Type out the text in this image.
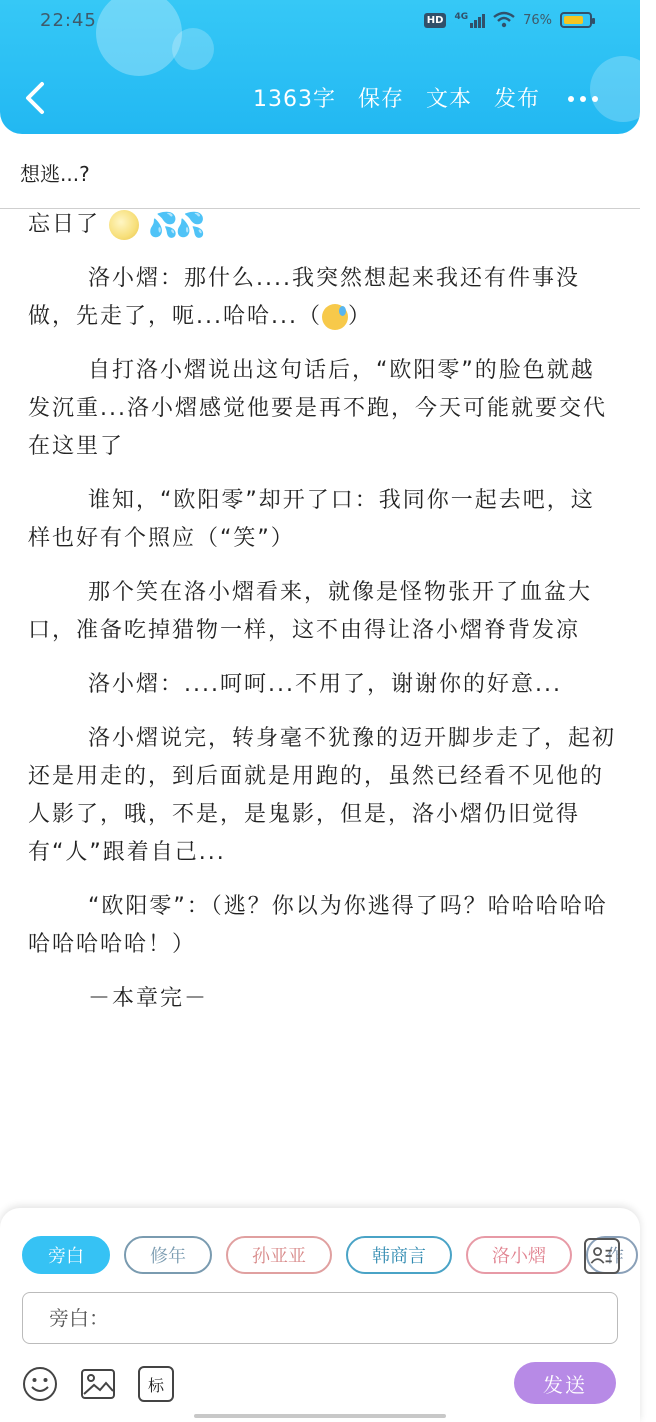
22:45	HD	4G	76%
1363字 保存 文本 发布
想逃...?

忘日了 💦💦

洛小熠：那什么....我突然想起来我还有件事没做，先走了，呃...哈哈...（ ）

自打洛小熠说出这句话后，“欧阳零”的脸色就越发沉重...洛小熠感觉他要是再不跑，今天可能就要交代在这里了

谁知，“欧阳零”却开了口：我同你一起去吧，这样也好有个照应（“笑”）

那个笑在洛小熠看来，就像是怪物张开了血盆大口，准备吃掉猎物一样，这不由得让洛小熠脊背发凉

洛小熠：....呵呵...不用了，谢谢你的好意...

洛小熠说完，转身毫不犹豫的迈开脚步走了，起初还是用走的，到后面就是用跑的，虽然已经看不见他的人影了，哦，不是，是鬼影，但是，洛小熠仍旧觉得有“人”跟着自己...

“欧阳零”：（逃？你以为你逃得了吗？哈哈哈哈哈哈哈哈哈哈！）

－本章完－

旁白	修年	孙亚亚	韩商言	洛小熠	作
旁白：
标	发送
